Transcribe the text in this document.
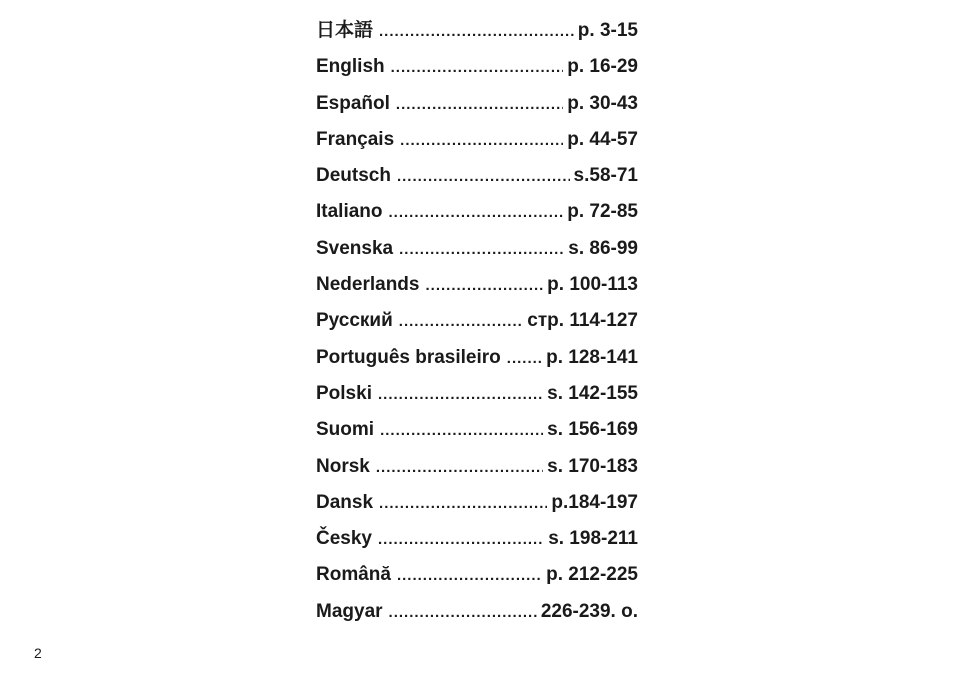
日本語 .....	p. 3-15
English .....	p. 16-29
Español .....	p. 30-43
Français .....	p. 44-57
Deutsch .....	s.58-71
Italiano .....	p. 72-85
Svenska .....	s. 86-99
Nederlands .....	p. 100-113
Русский .....	стр. 114-127
Português brasileiro .....	p. 128-141
Polski .....	s. 142-155
Suomi .....	s. 156-169
Norsk .....	s. 170-183
Dansk .....	p.184-197
Česky .....	s. 198-211
Română .....	p. 212-225
Magyar .....	226-239. o.
2
